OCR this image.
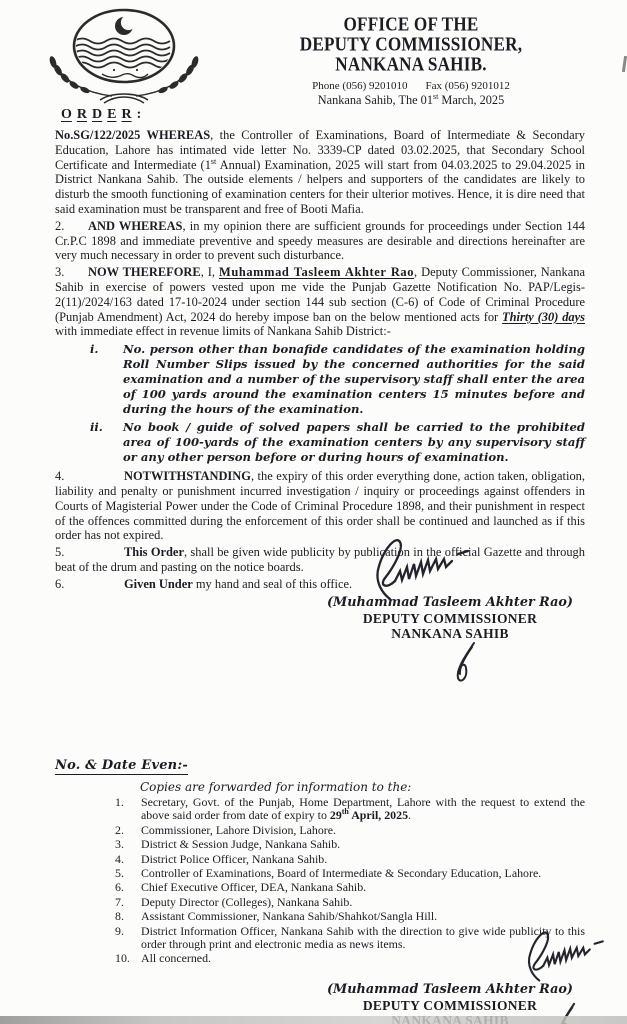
OFFICE OF THE
DEPUTY COMMISSIONER,
NANKANA SAHIB.
Phone (056) 9201010 Fax (056) 9201012
Nankana Sahib, The 01st March, 2025
O R D E R :
No.SG/122/2025 WHEREAS, the Controller of Examinations, Board of Intermediate & Secondary Education, Lahore has intimated vide letter No. 3339-CP dated 03.02.2025, that Secondary School Certificate and Intermediate (1st Annual) Examination, 2025 will start from 04.03.2025 to 29.04.2025 in District Nankana Sahib. The outside elements / helpers and supporters of the candidates are likely to disturb the smooth functioning of examination centers for their ulterior motives. Hence, it is dire need that said examination must be transparent and free of Booti Mafia.
2. AND WHEREAS, in my opinion there are sufficient grounds for proceedings under Section 144 Cr.P.C 1898 and immediate preventive and speedy measures are desirable and directions hereinafter are very much necessary in order to prevent such disturbance.
3. NOW THEREFORE, I, Muhammad Tasleem Akhter Rao, Deputy Commissioner, Nankana Sahib in exercise of powers vested upon me vide the Punjab Gazette Notification No. PAP/Legis-2(11)/2024/163 dated 17-10-2024 under section 144 sub section (C-6) of Code of Criminal Procedure (Punjab Amendment) Act, 2024 do hereby impose ban on the below mentioned acts for Thirty (30) days with immediate effect in revenue limits of Nankana Sahib District:-
i.	No. person other than bonafide candidates of the examination holding Roll Number Slips issued by the concerned authorities for the said examination and a number of the supervisory staff shall enter the area of 100 yards around the examination centers 15 minutes before and during the hours of the examination.
ii.	No book / guide of solved papers shall be carried to the prohibited area of 100-yards of the examination centers by any supervisory staff or any other person before or during hours of examination.
4.	NOTWITHSTANDING, the expiry of this order everything done, action taken, obligation, liability and penalty or punishment incurred investigation / inquiry or proceedings against offenders in Courts of Magisterial Power under the Code of Criminal Procedure 1898, and their punishment in respect of the offences committed during the enforcement of this order shall be continued and launched as if this order has not expired.
5.	This Order, shall be given wide publicity by publication in the official Gazette and through beat of the drum and pasting on the notice boards.
6.	Given Under my hand and seal of this office.
(Muhammad Tasleem Akhter Rao)
DEPUTY COMMISSIONER
NANKANA SAHIB
No. & Date Even:-
Copies are forwarded for information to the:
1.	Secretary, Govt. of the Punjab, Home Department, Lahore with the request to extend the above said order from date of expiry to 29th April, 2025.
2.	Commissioner, Lahore Division, Lahore.
3.	District & Session Judge, Nankana Sahib.
4.	District Police Officer, Nankana Sahib.
5.	Controller of Examinations, Board of Intermediate & Secondary Education, Lahore.
6.	Chief Executive Officer, DEA, Nankana Sahib.
7.	Deputy Director (Colleges), Nankana Sahib.
8.	Assistant Commissioner, Nankana Sahib/Shahkot/Sangla Hill.
9.	District Information Officer, Nankana Sahib with the direction to give wide publicity to this order through print and electronic media as news items.
10. All concerned.
(Muhammad Tasleem Akhter Rao)
DEPUTY COMMISSIONER
